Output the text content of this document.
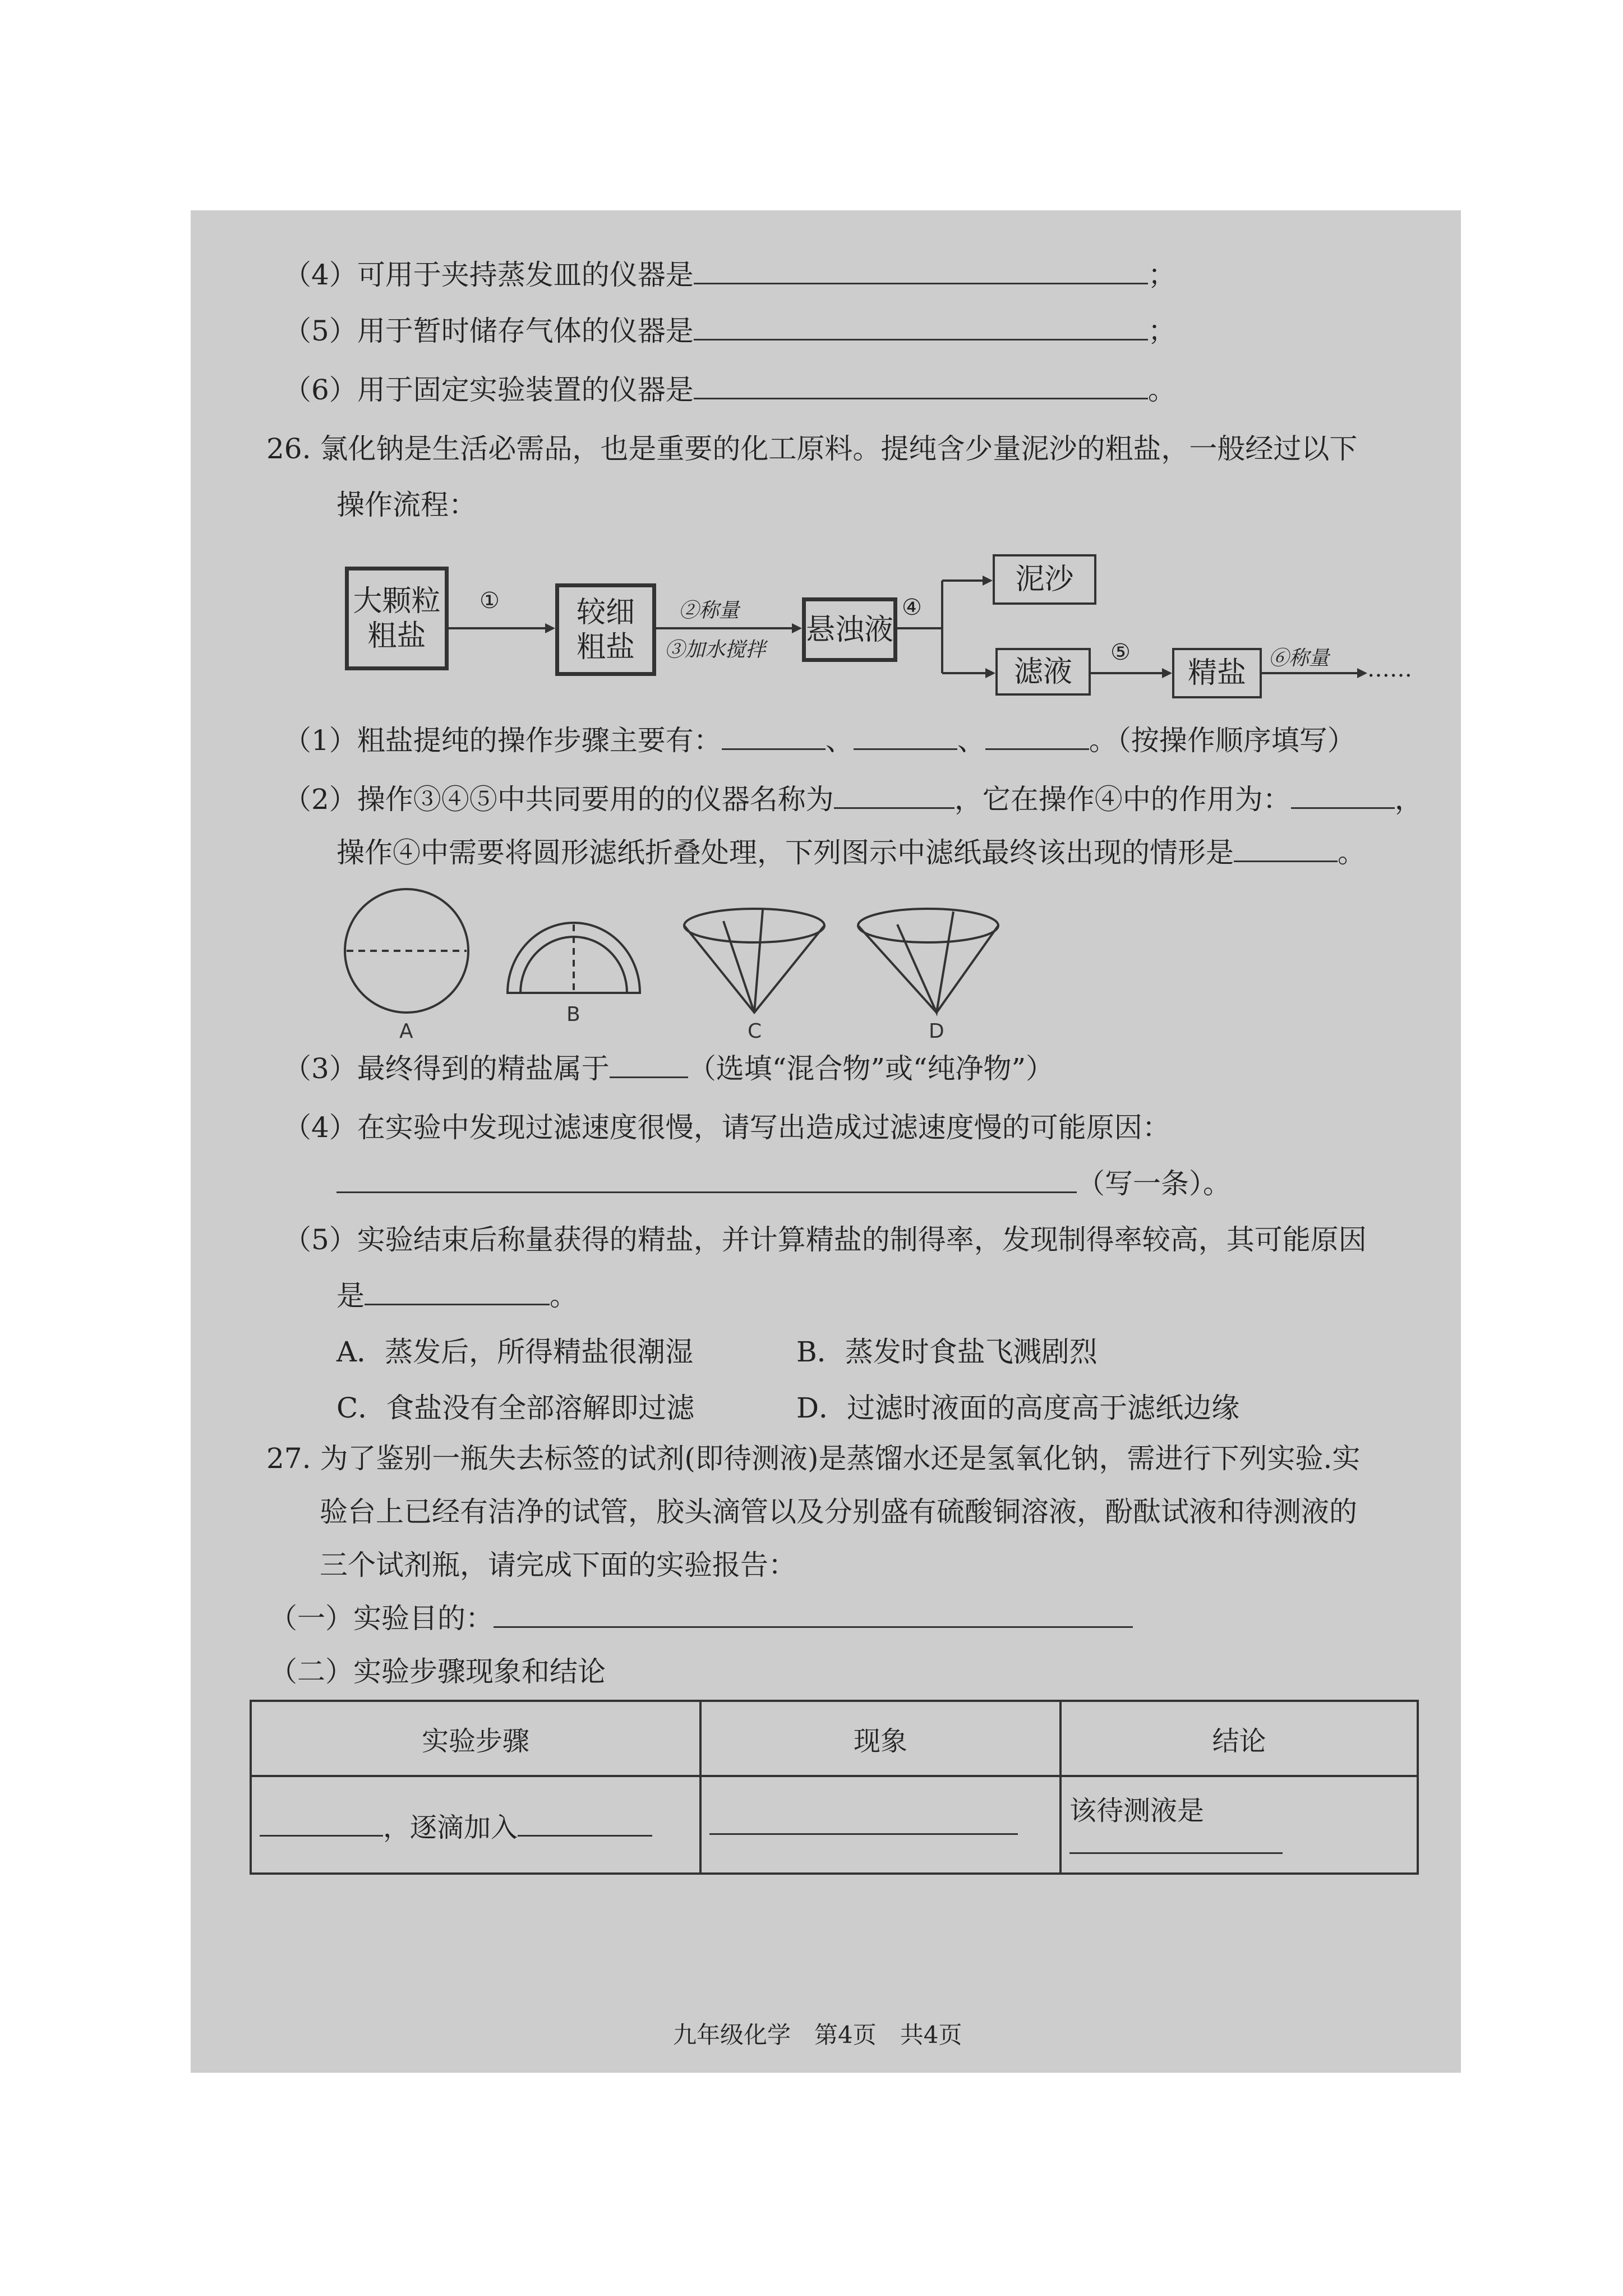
（4）可用于夹持蒸发皿的仪器是	；
（5）用于暂时储存气体的仪器是	；
（6）用于固定实验装置的仪器是	。
26. 氯化钠是生活必需品，也是重要的化工原料。提纯含少量泥沙的粗盐，一般经过以下
操作流程：
大颗粒
粗盐
较细
粗盐
悬浊液
泥沙
滤液	精盐
①	②称量
③加水搅拌
④
⑤	⑥称量 ……
（1）粗盐提纯的操作步骤主要有：	、	、	。（按操作顺序填写）
（2）操作③④⑤中共同要用的的仪器名称为	，它在操作④中的作用为：	，
操作④中需要将圆形滤纸折叠处理，下列图示中滤纸最终该出现的情形是	。
A
B
C	D
（3）最终得到的精盐属于	（选填“混合物”或“纯净物”）
（4）在实验中发现过滤速度很慢，请写出造成过滤速度慢的可能原因：
（写一条）。
（5）实验结束后称量获得的精盐，并计算精盐的制得率，发现制得率较高，其可能原因
是	。
A．蒸发后，所得精盐很潮湿	B．蒸发时食盐飞溅剧烈
C．食盐没有全部溶解即过滤	D．过滤时液面的高度高于滤纸边缘
27. 为了鉴别一瓶失去标签的试剂(即待测液)是蒸馏水还是氢氧化钠，需进行下列实验.实
验台上已经有洁净的试管，胶头滴管以及分别盛有硫酸铜溶液，酚酞试液和待测液的
三个试剂瓶，请完成下面的实验报告：
（一）实验目的：
（二）实验步骤现象和结论
实验步骤	现象	结论
，逐滴加入		该待测液是
九年级化学　第4页　共4页
